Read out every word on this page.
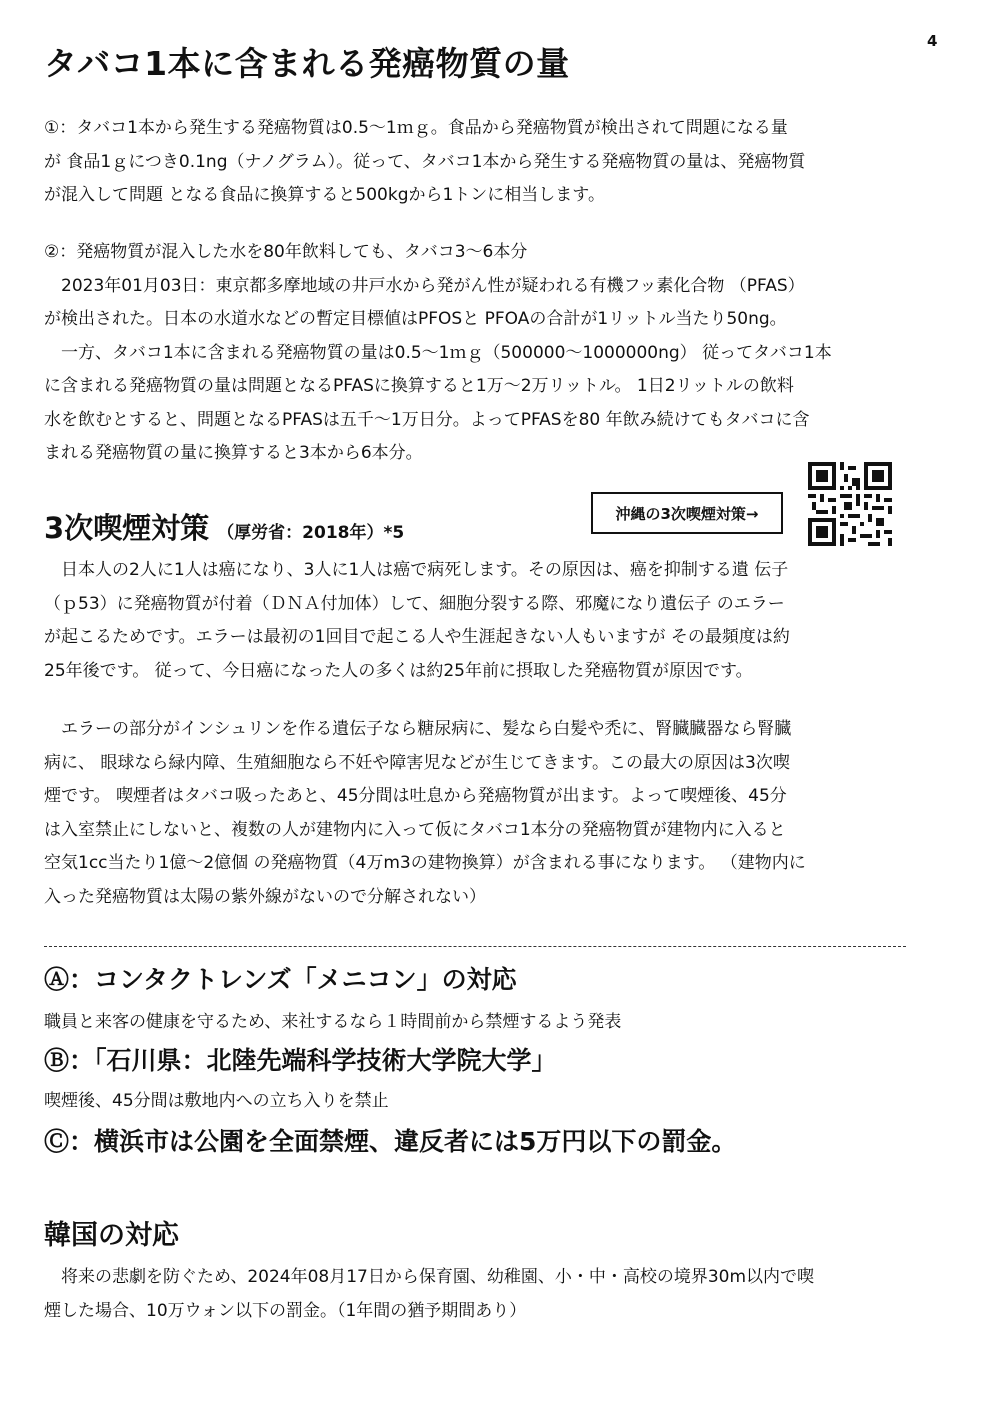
4
タバコ1本に含まれる発癌物質の量

①：タバコ1本から発生する発癌物質は0.5～1ｍｇ。食品から発癌物質が検出されて問題になる量

が 食品1ｇにつき0.1ng（ナノグラム）。従って、タバコ1本から発生する発癌物質の量は、発癌物質

が混入して問題 となる食品に換算すると500kgから1トンに相当します。

②：発癌物質が混入した水を80年飲料しても、タバコ3～6本分

　2023年01月03日：東京都多摩地域の井戸水から発がん性が疑われる有機フッ素化合物 （PFAS）

が検出された。日本の水道水などの暫定目標値はPFOSと PFOAの合計が1リットル当たり50ng。

　一方、タバコ1本に含まれる発癌物質の量は0.5～1ｍｇ（500000～1000000ng） 従ってタバコ1本

に含まれる発癌物質の量は問題となるPFASに換算すると1万～2万リットル。 1日2リットルの飲料

水を飲むとすると、問題となるPFASは五千～1万日分。よってPFASを80 年飲み続けてもタバコに含

まれる発癌物質の量に換算すると3本から6本分。

3次喫煙対策 （厚労省：2018年）*5
沖縄の3次喫煙対策→

　日本人の2人に1人は癌になり、3人に1人は癌で病死します。その原因は、癌を抑制する遺 伝子

（ｐ53）に発癌物質が付着（ＤＮＡ付加体）して、細胞分裂する際、邪魔になり遺伝子 のエラー

が起こるためです。エラーは最初の1回目で起こる人や生涯起きない人もいますが その最頻度は約

25年後です。 従って、今日癌になった人の多くは約25年前に摂取した発癌物質が原因です。

　エラーの部分がインシュリンを作る遺伝子なら糖尿病に、髪なら白髪や禿に、腎臓臓器なら腎臓

病に、 眼球なら緑内障、生殖細胞なら不妊や障害児などが生じてきます。この最大の原因は3次喫

煙です。 喫煙者はタバコ吸ったあと、45分間は吐息から発癌物質が出ます。よって喫煙後、45分

は入室禁止にしないと、複数の人が建物内に入って仮にタバコ1本分の発癌物質が建物内に入ると

空気1cc当たり1億～2億個 の発癌物質（4万m3の建物換算）が含まれる事になります。 （建物内に

入った発癌物質は太陽の紫外線がないので分解されない）

Ⓐ：コンタクトレンズ「メニコン」の対応
職員と来客の健康を守るため、来社するなら１時間前から禁煙するよう発表
Ⓑ：「石川県：北陸先端科学技術大学院大学」
喫煙後、45分間は敷地内への立ち入りを禁止
Ⓒ：横浜市は公園を全面禁煙、違反者には5万円以下の罰金。
韓国の対応

　将来の悲劇を防ぐため、2024年08月17日から保育園、幼稚園、小・中・高校の境界30m以内で喫

煙した場合、10万ウォン以下の罰金。（1年間の猶予期間あり）
